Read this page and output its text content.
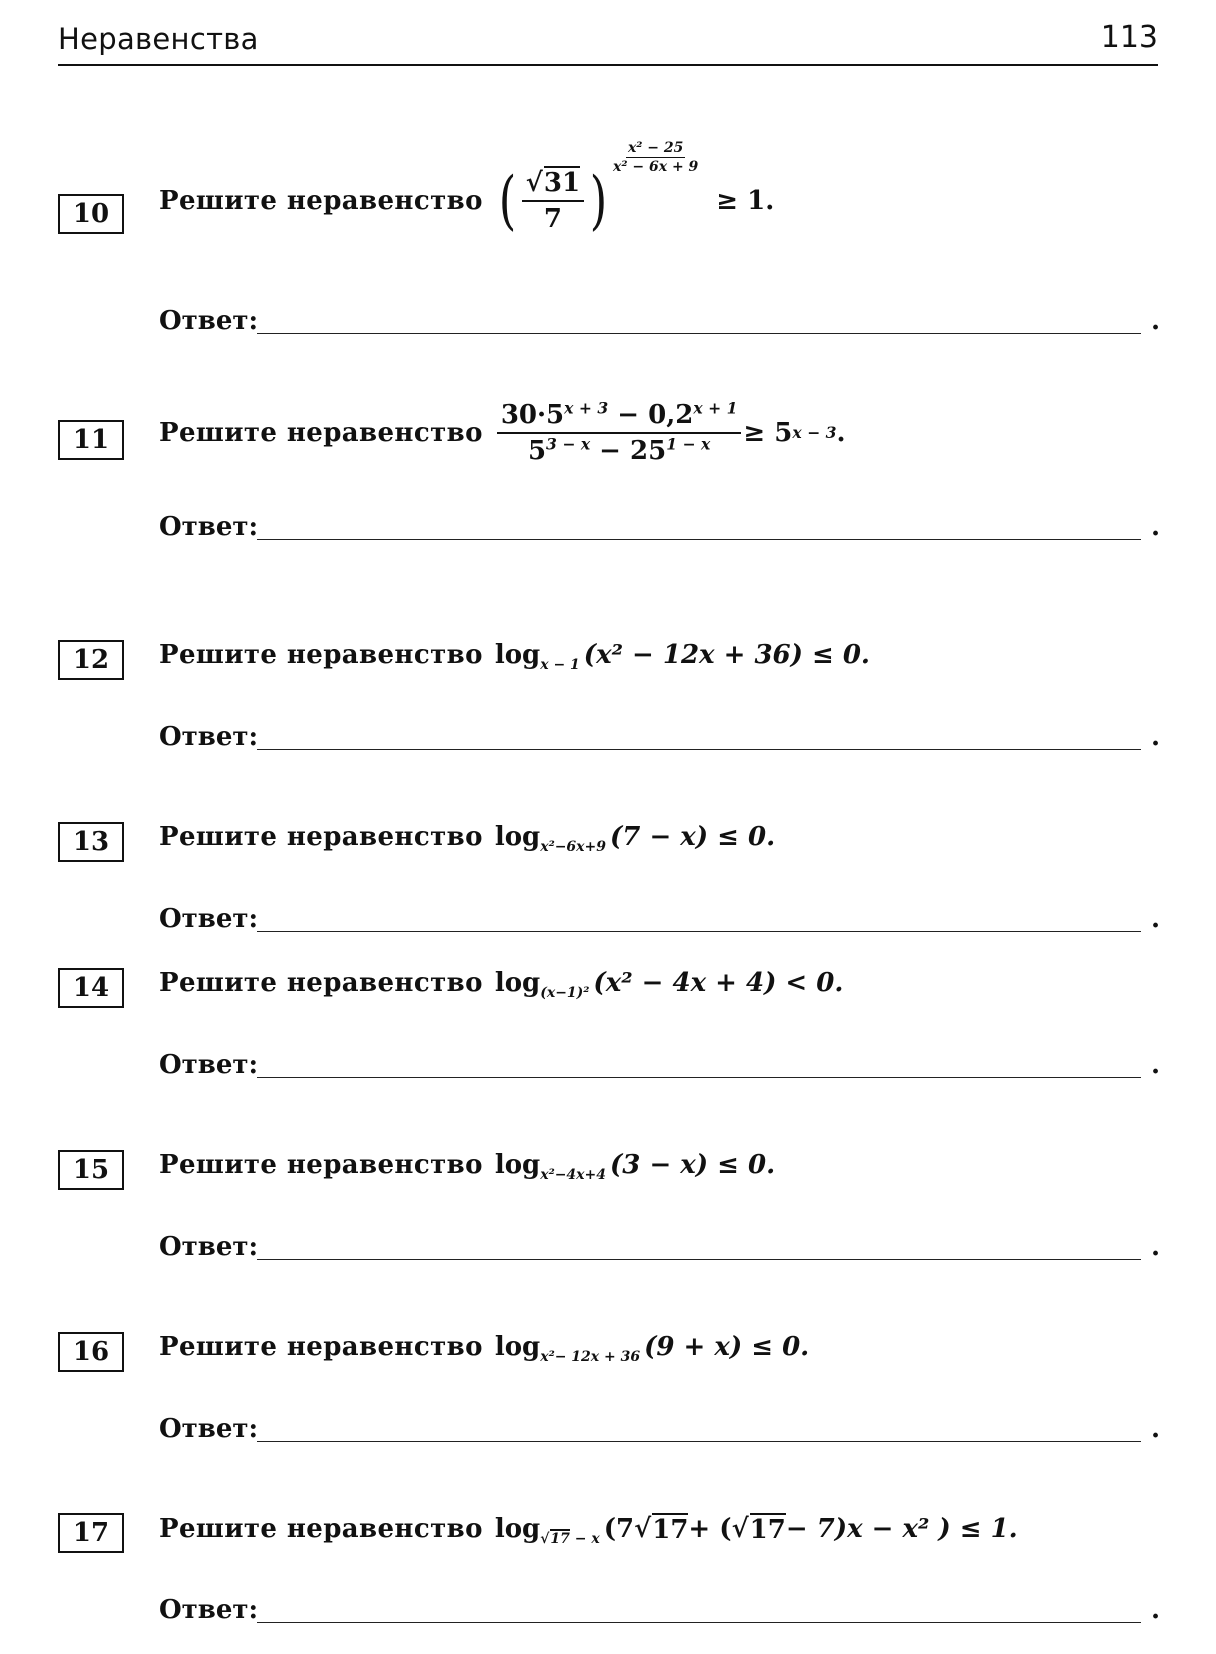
Неравенства	113
10	Решите неравенство ( $\frac{√31}{7}$ )
$\frac{\text{x² − 25}}{\text{x² − 6x + 9}}$
≥ 1.
Ответ:	.
11	Решите неравенство $\frac{30\cdot 5^{x + 3} - 0,2^{x + 1}}{5^{3 - x} - 25^{1 - x}} \ge 5$ x − 3 .
Ответ:	.
12	Решите неравенство log x − 1 (x² − 12x + 36) ≤ 0.
Ответ:	.
13	Решите неравенство log x²−6x+9 (7 − x) ≤ 0.
Ответ:	.
14	Решите неравенство log (x−1)² (x² − 4x + 4) < 0.
Ответ:	.
15	Решите неравенство log x²−4x+4 (3 − x) ≤ 0.
Ответ:	.
16	Решите неравенство log x²− 12x + 36 (9 + x) ≤ 0.
Ответ:	.
17	Решите неравенство log √17 − x (7 √ 17 + ( √ 17 − 7)x − x² ) ≤ 1.
Ответ:	.
